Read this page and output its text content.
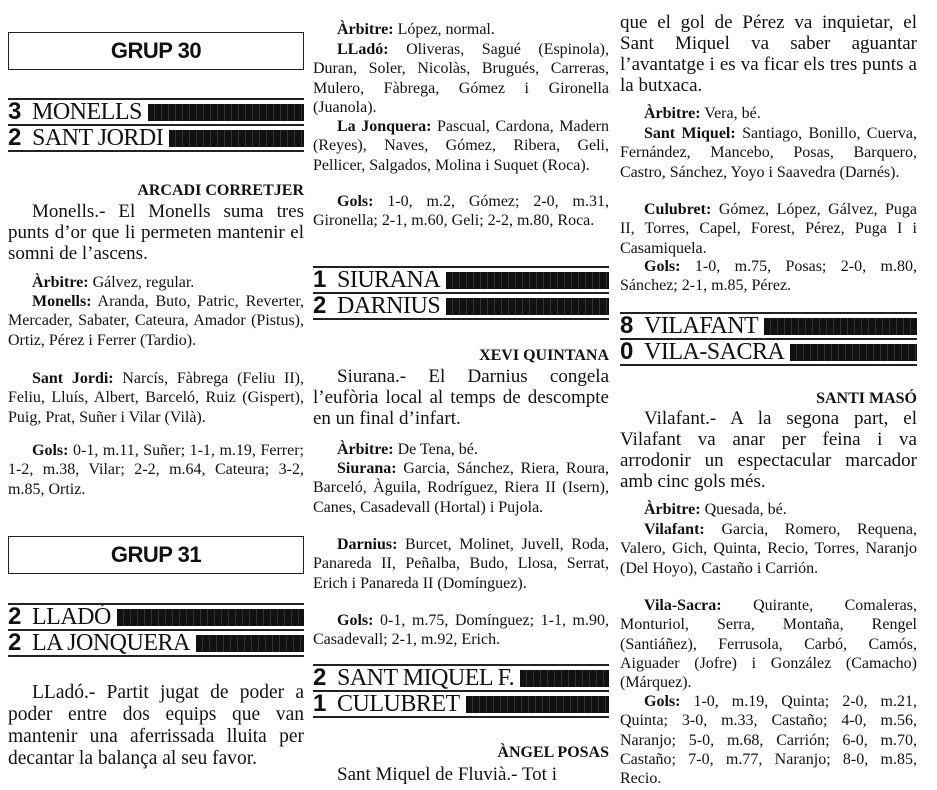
GRUP 30
3 MONELLS
2 SANT JORDI
ARCADI CORRETJER
Monells.- El Monells suma tres punts d’or que li permeten mantenir el somni de l’ascens.
Àrbitre: Gálvez, regular.
Monells: Aranda, Buto, Patric, Reverter, Mercader, Sabater, Cateura, Amador (Pistus), Ortiz, Pérez i Ferrer (Tardio).
Sant Jordi: Narcís, Fàbrega (Feliu II), Feliu, Lluís, Albert, Barceló, Ruiz (Gispert), Puig, Prat, Suñer i Vilar (Vilà).
Gols: 0-1, m.11, Suñer; 1-1, m.19, Ferrer; 1-2, m.38, Vilar; 2-2, m.64, Cateura; 3-2, m.85, Ortiz.
GRUP 31
2 LLADÓ
2 LA JONQUERA
LLadó.- Partit jugat de poder a poder entre dos equips que van mantenir una aferrissada lluita per decantar la balança al seu favor.
Àrbitre: López, normal.
LLadó: Oliveras, Sagué (Espinola), Duran, Soler, Nicolàs, Brugués, Carreras, Mulero, Fàbrega, Gómez i Gironella (Juanola).
La Jonquera: Pascual, Cardona, Madern (Reyes), Naves, Gómez, Ribera, Geli, Pellicer, Salgados, Molina i Suquet (Roca).
Gols: 1-0, m.2, Gómez; 2-0, m.31, Gironella; 2-1, m.60, Geli; 2-2, m.80, Roca.
1 SIURANA
2 DARNIUS
XEVI QUINTANA
Siurana.- El Darnius congela l’eufòria local al temps de descompte en un final d’infart.
Àrbitre: De Tena, bé.
Siurana: Garcia, Sánchez, Riera, Roura, Barceló, Àguila, Rodríguez, Riera II (Isern), Canes, Casadevall (Hortal) i Pujola.
Darnius: Burcet, Molinet, Juvell, Roda, Panareda II, Peñalba, Budo, Llosa, Serrat, Erich i Panareda II (Domínguez).
Gols: 0-1, m.75, Domínguez; 1-1, m.90, Casadevall; 2-1, m.92, Erich.
2 SANT MIQUEL F.
1 CULUBRET
ÀNGEL POSAS
Sant Miquel de Fluvià.- Tot i
que el gol de Pérez va inquietar, el Sant Miquel va saber aguantar l’avantatge i es va ficar els tres punts a la butxaca.
Àrbitre: Vera, bé.
Sant Miquel: Santiago, Bonillo, Cuerva, Fernández, Mancebo, Posas, Barquero, Castro, Sánchez, Yoyo i Saavedra (Darnés).
Culubret: Gómez, López, Gálvez, Puga II, Torres, Capel, Forest, Pérez, Puga I i Casamiquela.
Gols: 1-0, m.75, Posas; 2-0, m.80, Sánchez; 2-1, m.85, Pérez.
8 VILAFANT
0 VILA-SACRA
SANTI MASÓ
Vilafant.- A la segona part, el Vilafant va anar per feina i va arrodonir un espectacular marcador amb cinc gols més.
Àrbitre: Quesada, bé.
Vilafant: Garcia, Romero, Requena, Valero, Gich, Quinta, Recio, Torres, Naranjo (Del Hoyo), Castaño i Carrión.
Vila-Sacra: Quirante, Comaleras, Monturiol, Serra, Montaña, Rengel (Santiáñez), Ferrusola, Carbó, Camós, Aiguader (Jofre) i González (Camacho) (Márquez).
Gols: 1-0, m.19, Quinta; 2-0, m.21, Quinta; 3-0, m.33, Castaño; 4-0, m.56, Naranjo; 5-0, m.68, Carrión; 6-0, m.70, Castaño; 7-0, m.77, Naranjo; 8-0, m.85, Recio.
